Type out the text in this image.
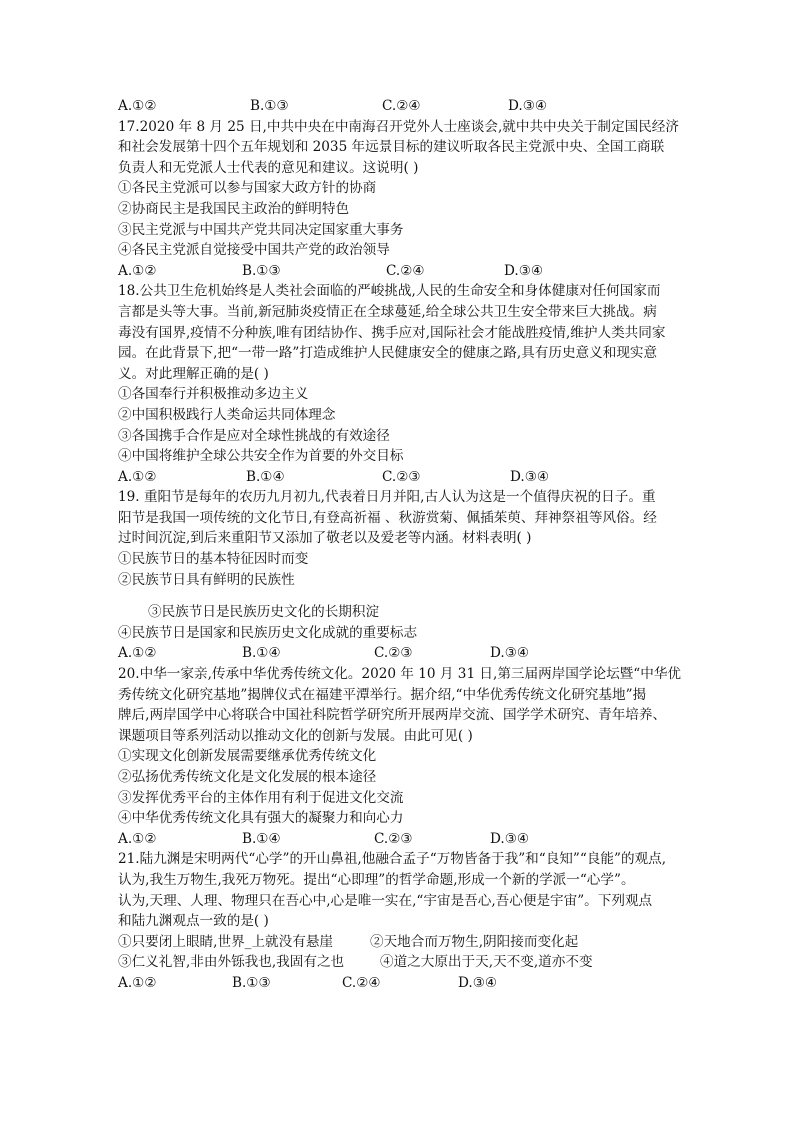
A.①②	B.①③	C.②④	D.③④
17.2020 年 8 月 25 日,中共中央在中南海召开党外人士座谈会,就中共中央关于制定国民经济
和社会发展第十四个五年规划和 2035 年远景目标的建议听取各民主党派中央、全国工商联
负责人和无党派人士代表的意见和建议。这说明( )
①各民主党派可以参与国家大政方针的协商
②协商民主是我国民主政治的鲜明特色
③民主党派与中国共产党共同决定国家重大事务
④各民主党派自觉接受中国共产党的政治领导
A.①②	B.①③	C.②④	D.③④
18.公共卫生危机始终是人类社会面临的严峻挑战,人民的生命安全和身体健康对任何国家而
言都是头等大事。当前,新冠肺炎疫情正在全球蔓延,给全球公共卫生安全带来巨大挑战。病
毒没有国界,疫情不分种族,唯有团结协作、携手应对,国际社会才能战胜疫情,维护人类共同家
园。在此背景下,把“一带一路”打造成维护人民健康安全的健康之路,具有历史意义和现实意
义。对此理解正确的是( )
①各国奉行并积极推动多边主义
②中国积极践行人类命运共同体理念
③各国携手合作是应对全球性挑战的有效途径
④中国将维护全球公共安全作为首要的外交目标
A.①②	B.①④	C.②③	D.③④
19. 重阳节是每年的农历九月初九,代表着日月并阳,古人认为这是一个值得庆祝的日子。重
阳节是我国一项传统的文化节日,有登高祈福 、秋游赏菊、佩插茱萸、拜神祭祖等风俗。经
过时间沉淀,到后来重阳节又添加了敬老以及爱老等内涵。材料表明( )
①民族节日的基本特征因时而变
②民族节日具有鲜明的民族性
③民族节日是民族历史文化的长期积淀
④民族节日是国家和民族历史文化成就的重要标志
A.①②	B.①④	C.②③	D.③④
20.中华一家亲,传承中华优秀传统文化。2020 年 10 月 31 日,第三届两岸国学论坛暨“中华优
秀传统文化研究基地”揭牌仪式在福建平潭举行。据介绍,“中华优秀传统文化研究基地”揭
牌后,两岸国学中心将联合中国社科院哲学研究所开展两岸交流、国学学术研究、青年培养、
课题项目等系列活动以推动文化的创新与发展。由此可见( )
①实现文化创新发展需要继承优秀传统文化
②弘扬优秀传统文化是文化发展的根本途径
③发挥优秀平台的主体作用有利于促进文化交流
④中华优秀传统文化具有强大的凝聚力和向心力
A.①②	B.①④	C.②③	D.③④
21.陆九渊是宋明两代“心学”的开山鼻祖,他融合孟子“万物皆备于我”和“良知”“良能”的观点,
认为,我生万物生,我死万物死。提出“心即理”的哲学命题,形成一个新的学派一“心学”。
认为,天理、人理、物理只在吾心中,心是唯一实在,“宇宙是吾心,吾心便是宇宙”。下列观点
和陆九渊观点一致的是( )
①只要闭上眼睛,世界_上就没有悬崖	②天地合而万物生,阴阳接而变化起
③仁义礼智,非由外铄我也,我固有之也	④道之大原出于天,天不变,道亦不变
A.①②	B.①③	C.②④	D.③④
